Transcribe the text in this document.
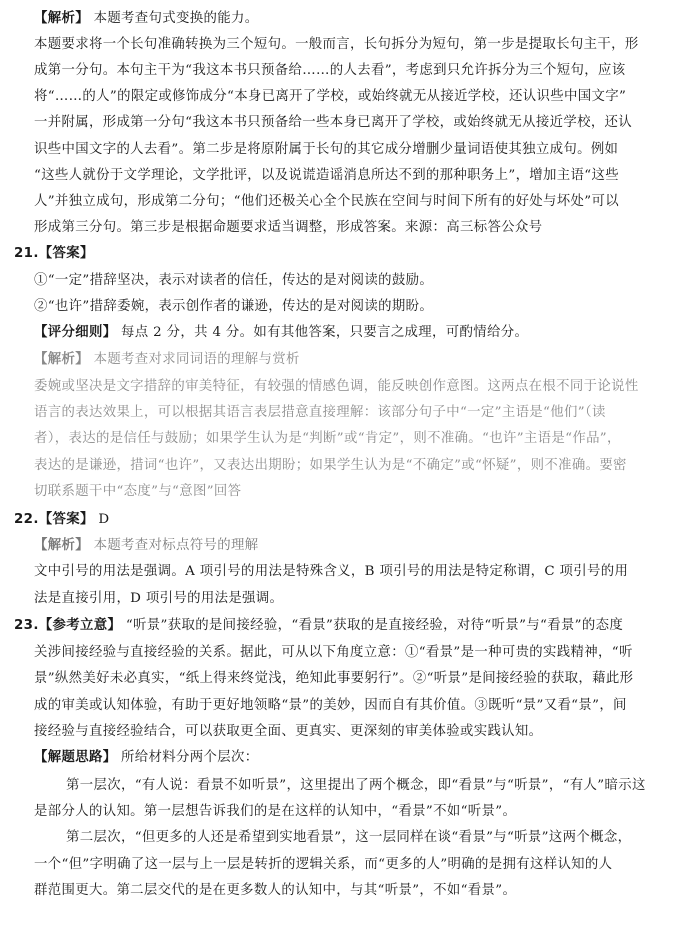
【解析】 本题考查句式变换的能力。
本题要求将一个长句准确转换为三个短句。一般而言，长句拆分为短句，第一步是提取长句主干，形
成第一分句。本句主干为“我这本书只预备给……的人去看”，考虑到只允许拆分为三个短句，应该
将“……的人”的限定或修饰成分“本身已离开了学校，或始终就无从接近学校，还认识些中国文字”
一并附属，形成第一分句“我这本书只预备给一些本身已离开了学校，或始终就无从接近学校，还认
识些中国文字的人去看”。第二步是将原附属于长句的其它成分增删少量词语使其独立成句。例如
“这些人就份于文学理论，文学批评，以及说谎造谣消息所达不到的那种职务上”，增加主语“这些
人”并独立成句，形成第二分句；“他们还极关心全个民族在空间与时间下所有的好处与坏处”可以
形成第三分句。第三步是根据命题要求适当调整，形成答案。来源：高三标答公众号
21.【答案】
①“一定”措辞坚决，表示对读者的信任，传达的是对阅读的鼓励。
②“也许”措辞委婉，表示创作者的谦逊，传达的是对阅读的期盼。
【评分细则】 每点 2 分，共 4 分。如有其他答案，只要言之成理，可酌情给分。
【解析】 本题考查对求同词语的理解与赏析
委婉或坚决是文字措辞的审美特征，有较强的情感色调，能反映创作意图。这两点在根不同于论说性
语言的表达效果上，可以根据其语言表层措意直接理解：该部分句子中“一定”主语是“他们”（读
者），表达的是信任与鼓励；如果学生认为是“判断”或“肯定”，则不准确。“也许”主语是“作品”，
表达的是谦逊，措词“也许”，又表达出期盼；如果学生认为是“不确定”或“怀疑”，则不准确。要密
切联系题干中“态度”与“意图”回答
22.【答案】 D
【解析】 本题考查对标点符号的理解
文中引号的用法是强调。A 项引号的用法是特殊含义，B 项引号的用法是特定称谓，C 项引号的用
法是直接引用，D 项引号的用法是强调。
23.【参考立意】 “听景”获取的是间接经验，“看景”获取的是直接经验，对待“听景”与“看景”的态度
关涉间接经验与直接经验的关系。据此，可从以下角度立意：①“看景”是一种可贵的实践精神，“听
景”纵然美好未必真实，“纸上得来终觉浅，绝知此事要躬行”。②“听景”是间接经验的获取，藉此形
成的审美或认知体验，有助于更好地领略“景”的美妙，因而自有其价值。③既听“景”又看“景”，间
接经验与直接经验结合，可以获取更全面、更真实、更深刻的审美体验或实践认知。
【解题思路】 所给材料分两个层次：
第一层次，“有人说：看景不如听景”，这里提出了两个概念，即“看景”与“听景”，“有人”暗示这
是部分人的认知。第一层想告诉我们的是在这样的认知中，“看景”不如“听景”。
第二层次，“但更多的人还是希望到实地看景”，这一层同样在谈“看景”与“听景”这两个概念，
一个“但”字明确了这一层与上一层是转折的逻辑关系，而“更多的人”明确的是拥有这样认知的人
群范围更大。第二层交代的是在更多数人的认知中，与其“听景”，不如“看景”。
